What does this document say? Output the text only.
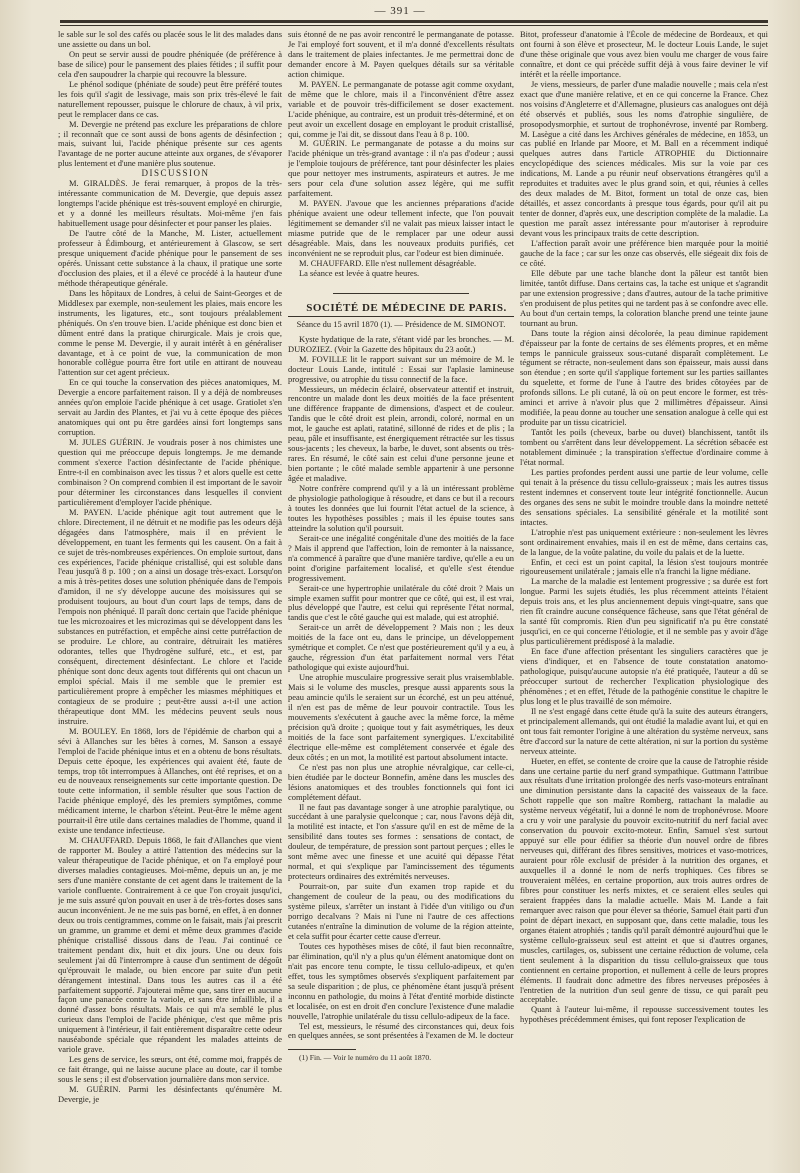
— 391 —

le sable sur le sol des cafés ou placée sous le lit des malades dans une assiette ou dans un bol.

On peut se servir aussi de poudre phéniquée (de préférence à base de silice) pour le pansement des plaies fétides ; il suffit pour cela d'en saupoudrer la charpie qui recouvre la blessure.

Le phénol sodique (phéniate de soude) peut être préféré toutes les fois qu'il s'agit de lessivage, mais son prix très-élevé le fait naturellement repousser, puisque le chlorure de chaux, à vil prix, peut le remplacer dans ce cas.

M. Devergie ne prétend pas exclure les préparations de chlore ; il reconnaît que ce sont aussi de bons agents de désinfection ; mais, suivant lui, l'acide phénique présente sur ces agents l'avantage de ne porter aucune atteinte aux organes, de s'évaporer plus lentement et d'une manière plus soutenue.

DISCUSSION

M. GIRALDÈS. Je ferai remarquer, à propos de la très-intéressante communication de M. Devergie, que depuis assez longtemps l'acide phénique est très-souvent employé en chirurgie, et y a donné les meilleurs résultats. Moi-même j'en fais habituellement usage pour désinfecter et pour panser les plaies.

De l'autre côté de la Manche, M. Lister, actuellement professeur à Édimbourg, et antérieurement à Glascow, se sert presque uniquement d'acide phénique pour le pansement de ses opérés. Unissant cette substance à la chaux, il pratique une sorte d'occlusion des plaies, et il a élevé ce procédé à la hauteur d'une méthode thérapeutique générale.

Dans les hôpitaux de Londres, à celui de Saint-Georges et de Middlesex par exemple, non-seulement les plaies, mais encore les instruments, les ligatures, etc., sont toujours préalablement phéniqués. On s'en trouve bien. L'acide phénique est donc bien et dûment entré dans la pratique chirurgicale. Mais je crois que, comme le pense M. Devergie, il y aurait intérêt à en généraliser davantage, et à ce point de vue, la communication de mon honorable collègue pourra être fort utile en attirant de nouveau l'attention sur cet agent précieux.

En ce qui touche la conservation des pièces anatomiques, M. Devergie a encore parfaitement raison. Il y a déjà de nombreuses années qu'on emploie l'acide phénique à cet usage. Gratiolet s'en servait au Jardin des Plantes, et j'ai vu à cette époque des pièces anatomiques qui ont pu être gardées ainsi fort longtemps sans corruption.

M. JULES GUÉRIN. Je voudrais poser à nos chimistes une question qui me préoccupe depuis longtemps. Je me demande comment s'exerce l'action désinfectante de l'acide phénique. Entre-t-il en combinaison avec les tissus ? et alors quelle est cette combinaison ? On comprend combien il est important de le savoir pour déterminer les circonstances dans lesquelles il convient particulièrement d'employer l'acide phénique.

M. PAYEN. L'acide phénique agit tout autrement que le chlore. Directement, il ne détruit et ne modifie pas les odeurs déjà dégagées dans l'atmosphère, mais il en prévient le développement, en tuant les ferments qui les causent. On a fait à ce sujet de très-nombreuses expériences. On emploie surtout, dans ces expériences, l'acide phénique cristallisé, qui est soluble dans l'eau jusqu'à 8 p. 100 ; on a ainsi un dosage très-exact. Lorsqu'on a mis à très-petites doses une solution phéniquée dans de l'empois d'amidon, il ne s'y développe aucune des moisissures qui se produisent toujours, au bout d'un court laps de temps, dans de l'empois non phéniqué. Il paraît donc certain que l'acide phénique tue les microzoaires et les microzimas qui se développent dans les substances en putréfaction, et empêche ainsi cette putréfaction de se produire. Le chlore, au contraire, détruirait les matières odorantes, telles que l'hydrogène sulfuré, etc., et est, par conséquent, directement désinfectant. Le chlore et l'acide phénique sont donc deux agents tout différents qui ont chacun un emploi spécial. Mais il me semble que le premier est particulièrement propre à empêcher les miasmes méphitiques et contagieux de se produire ; peut-être aussi a-t-il une action thérapeutique dont MM. les médecins peuvent seuls nous instruire.

M. BOULEY. En 1868, lors de l'épidémie de charbon qui a sévi à Allanches sur les bêtes à cornes, M. Sanson a essayé l'emploi de l'acide phénique intus et en a obtenu de bons résultats. Depuis cette époque, les expériences qui avaient été, faute de temps, trop tôt interrompues à Allanches, ont été reprises, et on a eu de nouveaux renseignements sur cette importante question. De toute cette information, il semble résulter que sous l'action de l'acide phénique employé, dès les premiers symptômes, comme médicament interne, le charbon s'éteint. Peut-être le même agent pourrait-il être utile dans certaines maladies de l'homme, quand il existe une tendance infectieuse.

M. CHAUFFARD. Depuis 1868, le fait d'Allanches que vient de rapporter M. Bouley a attiré l'attention des médecins sur la valeur thérapeutique de l'acide phénique, et on l'a employé pour diverses maladies contagieuses. Moi-même, depuis un an, je me sers d'une manière constante de cet agent dans le traitement de la variole confluente. Contrairement à ce que l'on croyait jusqu'ici, je me suis assuré qu'on pouvait en user à de très-fortes doses sans aucun inconvénient. Je ne me suis pas borné, en effet, à en donner deux ou trois centigrammes, comme on le faisait, mais j'ai prescrit un gramme, un gramme et demi et même deux grammes d'acide phénique cristallisé dissous dans de l'eau. J'ai continué ce traitement pendant dix, huit et dix jours. Une ou deux fois seulement j'ai dû l'interrompre à cause d'un sentiment de dégoût qu'éprouvait le malade, ou bien encore par suite d'un petit dérangement intestinal. Dans tous les autres cas il a été parfaitement supporté. J'ajouterai même que, sans tirer en aucune façon une panacée contre la variole, et sans être infaillible, il a donné d'assez bons résultats. Mais ce qui m'a semblé le plus curieux dans l'emploi de l'acide phénique, c'est que même pris uniquement à l'intérieur, il fait entièrement disparaître cette odeur nauséabonde spéciale que répandent les malades atteints de variole grave.

Les gens de service, les sœurs, ont été, comme moi, frappés de ce fait étrange, qui ne laisse aucune place au doute, car il tombe sous le sens ; il est d'observation journalière dans mon service.

M. GUÉRIN. Parmi les désinfectants qu'énumère M. Devergie, je

suis étonné de ne pas avoir rencontré le permanganate de potasse. Je l'ai employé fort souvent, et il m'a donné d'excellents résultats dans le traitement de plaies infectantes. Je me permettrai donc de demander encore à M. Payen quelques détails sur sa véritable action chimique.

M. PAYEN. Le permanganate de potasse agit comme oxydant, de même que le chlore, mais il a l'inconvénient d'être assez variable et de pouvoir très-difficilement se doser exactement. L'acide phénique, au contraire, est un produit très-déterminé, et on peut avoir un excellent dosage en employant le produit cristallisé, qui, comme je l'ai dit, se dissout dans l'eau à 8 p. 100.

M. GUÉRIN. Le permanganate de potasse a du moins sur l'acide phénique un très-grand avantage : il n'a pas d'odeur ; aussi je l'emploie toujours de préférence, tant pour désinfecter les plaies que pour nettoyer mes instruments, aspirateurs et autres. Je me sers pour cela d'une solution assez légère, qui me suffit parfaitement.

M. PAYEN. J'avoue que les anciennes préparations d'acide phénique avaient une odeur tellement infecte, que l'on pouvait légitimement se demander s'il ne valait pas mieux laisser intact le miasme putride que de le remplacer par une odeur aussi désagréable. Mais, dans les nouveaux produits purifiés, cet inconvénient ne se reproduit plus, car l'odeur est bien diminuée.

M. CHAUFFARD. Elle n'est nullement désagréable.

La séance est levée à quatre heures.

SOCIÉTÉ DE MÉDECINE DE PARIS.

Séance du 15 avril 1870 (1). — Présidence de M. SIMONOT.

Kyste hydatique de la rate, s'étant vidé par les bronches. — M. DUROZIEZ. (Voir la Gazette des hôpitaux du 23 août.)

M. FOVILLE lit le rapport suivant sur un mémoire de M. le docteur Louis Lande, intitulé : Essai sur l'aplasie lamineuse progressive, ou atrophie du tissu connectif de la face.

Messieurs, un médecin éclairé, observateur attentif et instruit, rencontre un malade dont les deux moitiés de la face présentent une différence frappante de dimensions, d'aspect et de couleur. Tandis que le côté droit est plein, arrondi, coloré, normal en un mot, le gauche est aplati, ratatiné, sillonné de rides et de plis ; la peau, pâle et insuffisante, est énergiquement rétractée sur les tissus sous-jacents ; les cheveux, la barbe, le duvet, sont absents ou très-rares. En résumé, le côté sain est celui d'une personne jeune et bien portante ; le côté malade semble appartenir à une personne âgée et maladive.

Notre confrère comprend qu'il y a là un intéressant problème de physiologie pathologique à résoudre, et dans ce but il a recours à toutes les données que lui fournit l'état actuel de la science, à toutes les hypothèses possibles ; mais il les épuise toutes sans atteindre la solution qu'il poursuit.

Serait-ce une inégalité congénitale d'une des moitiés de la face ? Mais il apprend que l'affection, loin de remonter à la naissance, n'a commencé à paraître que d'une manière tardive, qu'elle a eu un point d'origine parfaitement localisé, et qu'elle s'est étendue progressivement.

Serait-ce une hypertrophie unilatérale du côté droit ? Mais un simple examen suffit pour montrer que ce côté, qui est, il est vrai, plus développé que l'autre, est celui qui représente l'état normal, tandis que c'est le côté gauche qui est malade, qui est atrophié.

Serait-ce un arrêt de développement ? Mais non ; les deux moitiés de la face ont eu, dans le principe, un développement symétrique et complet. Ce n'est que postérieurement qu'il y a eu, à gauche, régression d'un état parfaitement normal vers l'état pathologique qui existe aujourd'hui.

Une atrophie musculaire progressive serait plus vraisemblable. Mais si le volume des muscles, presque aussi apparents sous la peau amincie qu'ils le seraient sur un écorché, est un peu atténué, il n'en est pas de même de leur pouvoir contractile. Tous les mouvements s'exécutent à gauche avec la même force, la même précision qu'à droite ; quoique tout y fait asymétriques, les deux moitiés de la face sont parfaitement synergiques. L'excitabilité électrique elle-même est complétement conservée et égale des deux côtés ; en un mot, la motilité est partout absolument intacte.

Ce n'est pas non plus une atrophie névralgique, car celle-ci, bien étudiée par le docteur Bonnefin, amène dans les muscles des lésions anatomiques et des troubles fonctionnels qui font ici complétement défaut.

Il ne faut pas davantage songer à une atrophie paralytique, ou succédant à une paralysie quelconque ; car, nous l'avons déjà dit, la motilité est intacte, et l'on s'assure qu'il en est de même de la sensibilité dans toutes ses formes : sensations de contact, de douleur, de température, de pression sont partout perçues ; elles le sont même avec une finesse et une acuité qui dépasse l'état normal, et qui s'explique par l'amincissement des téguments protecteurs ordinaires des extrémités nerveuses.

Pourrait-on, par suite d'un examen trop rapide et du changement de couleur de la peau, ou des modifications du système pileux, s'arrêter un instant à l'idée d'un vitiligo ou d'un porrigo decalvans ? Mais ni l'une ni l'autre de ces affections cutanées n'entraîne la diminution de volume de la région atteinte, et cela suffit pour écarter cette cause d'erreur.

Toutes ces hypothèses mises de côté, il faut bien reconnaître, par élimination, qu'il n'y a plus qu'un élément anatomique dont on n'ait pas encore tenu compte, le tissu cellulo-adipeux, et qu'en effet, tous les symptômes observés s'expliquent parfaitement par sa seule disparition ; de plus, ce phénomène étant jusqu'à présent inconnu en pathologie, du moins à l'état d'entité morbide distincte et localisée, on est en droit d'en conclure l'existence d'une maladie nouvelle, l'atrophie unilatérale du tissu cellulo-adipeux de la face.

Tel est, messieurs, le résumé des circonstances qui, deux fois en quelques années, se sont présentées à l'examen de M. le docteur

(1) Fin. — Voir le numéro du 11 août 1870.

Bitot, professeur d'anatomie à l'École de médecine de Bordeaux, et qui ont fourni à son élève et prosecteur, M. le docteur Louis Lande, le sujet d'une thèse originale que vous avez bien voulu me charger de vous faire connaître, et dont ce qui précède suffit déjà à vous faire deviner le vif intérêt et la réelle importance.

Je viens, messieurs, de parler d'une maladie nouvelle ; mais cela n'est exact que d'une manière relative, et en ce qui concerne la France. Chez nos voisins d'Angleterre et d'Allemagne, plusieurs cas analogues ont déjà été observés et publiés, sous les noms d'atrophie singulière, de prosopodysmorphie, et surtout de trophonévrose, inventé par Romberg. M. Lasègue a cité dans les Archives générales de médecine, en 1853, un cas publié en Irlande par Moore, et M. Ball en a récemment indiqué quelques autres dans l'article ATROPHIE du Dictionnaire encyclopédique des sciences médicales. Mis sur la voie par ces indications, M. Lande a pu réunir neuf observations étrangères qu'il a reproduites et traduites avec le plus grand soin, et qui, réunies à celles des deux malades de M. Bitot, forment un total de onze cas, bien détaillés, et assez concordants à presque tous égards, pour qu'il ait pu tenter de donner, d'après eux, une description complète de la maladie. La question me paraît assez intéressante pour m'autoriser à reproduire devant vous les principaux traits de cette description.

L'affection paraît avoir une préférence bien marquée pour la moitié gauche de la face ; car sur les onze cas observés, elle siégeait dix fois de ce côté.

Elle débute par une tache blanche dont la pâleur est tantôt bien limitée, tantôt diffuse. Dans certains cas, la tache est unique et s'agrandit par une extension progressive ; dans d'autres, autour de la tache primitive s'en produisent de plus petites qui ne tardent pas à se confondre avec elle. Au bout d'un certain temps, la coloration blanche prend une teinte jaune tournant au brun.

Dans toute la région ainsi décolorée, la peau diminue rapidement d'épaisseur par la fonte de certains de ses éléments propres, et en même temps le pannicule graisseux sous-cutané disparaît complètement. Le tégument se rétracte, non-seulement dans son épaisseur, mais aussi dans son étendue ; en sorte qu'il s'applique fortement sur les parties saillantes du squelette, et forme de l'une à l'autre des brides côtoyées par de profonds sillons. Le pli cutané, là où on peut encore le former, est très-aminci et arrive à n'avoir plus que 2 millimètres d'épaisseur. Ainsi modifiée, la peau donne au toucher une sensation analogue à celle qui est produite par un tissu cicatriciel.

Tantôt les poils (cheveux, barbe ou duvet) blanchissent, tantôt ils tombent ou s'arrêtent dans leur développement. La sécrétion sébacée est notablement diminuée ; la transpiration s'effectue d'ordinaire comme à l'état normal.

Les parties profondes perdent aussi une partie de leur volume, celle qui tenait à la présence du tissu cellulo-graisseux ; mais les autres tissus restent indemnes et conservent toute leur intégrité fonctionnelle. Aucun des organes des sens ne subit le moindre trouble dans la moindre netteté des sensations spéciales. La sensibilité générale et la motilité sont intactes.

L'atrophie n'est pas uniquement extérieure : non-seulement les lèvres sont ordinairement envahies, mais il en est de même, dans certains cas, de la langue, de la voûte palatine, du voile du palais et de la luette.

Enfin, et ceci est un point capital, la lésion s'est toujours montrée rigoureusement unilatérale ; jamais elle n'a franchi la ligne médiane.

La marche de la maladie est lentement progressive ; sa durée est fort longue. Parmi les sujets étudiés, les plus récemment atteints l'étaient depuis trois ans, et les plus anciennement depuis vingt-quatre, sans que rien fît craindre aucune conséquence fâcheuse, sans que l'état général de la santé fût compromis. Rien d'un peu significatif n'a pu être constaté jusqu'ici, en ce qui concerne l'étiologie, et il ne semble pas y avoir d'âge plus particulièrement prédisposé à la maladie.

En face d'une affection présentant les singuliers caractères que je viens d'indiquer, et en l'absence de toute constatation anatomo-pathologique, puisqu'aucune autopsie n'a été pratiquée, l'auteur a dû se préoccuper surtout de rechercher l'explication physiologique des phénomènes ; et en effet, l'étude de la pathogénie constitue le chapitre le plus long et le plus travaillé de son mémoire.

Il ne s'est engagé dans cette étude qu'à la suite des auteurs étrangers, et principalement allemands, qui ont étudié la maladie avant lui, et qui en ont tous fait remonter l'origine à une altération du système nerveux, sans être d'accord sur la nature de cette altération, ni sur la portion du système nerveux atteinte.

Hueter, en effet, se contente de croire que la cause de l'atrophie réside dans une certaine partie du nerf grand sympathique. Guttmann l'attribue aux résultats d'une irritation prolongée des nerfs vaso-moteurs entraînant une diminution persistante dans la capacité des vaisseaux de la face. Schott rappelle que son maître Romberg, rattachant la maladie au système nerveux végétatif, lui a donné le nom de trophonévrose. Moore a cru y voir une paralysie du pouvoir excito-nutritif du nerf facial avec conservation du pouvoir excito-moteur. Enfin, Samuel s'est surtout appuyé sur elle pour édifier sa théorie d'un nouvel ordre de fibres nerveuses qui, différant des fibres sensitives, motrices et vaso-motrices, auraient pour rôle exclusif de présider à la nutrition des organes, et auxquelles il a donné le nom de nerfs trophiques. Ces fibres se trouveraient mêlées, en certaine proportion, aux trois autres ordres de fibres pour constituer les nerfs mixtes, et ce seraient elles seules qui seraient frappées dans la maladie actuelle. Mais M. Lande a fait remarquer avec raison que pour élever sa théorie, Samuel était parti d'un point de départ inexact, en supposant que, dans cette maladie, tous les organes étaient atrophiés ; tandis qu'il paraît démontré aujourd'hui que le système cellulo-graisseux seul est atteint et que si d'autres organes, muscles, cartilages, os, subissent une certaine réduction de volume, cela tient seulement à la disparition du tissu cellulo-graisseux que tous contiennent en certaine proportion, et nullement à celle de leurs propres éléments. Il faudrait donc admettre des fibres nerveuses préposées à l'entretien de la nutrition d'un seul genre de tissu, ce qui paraît peu acceptable.

Quant à l'auteur lui-même, il repousse successivement toutes les hypothèses précédemment émises, qui font reposer l'explication de
